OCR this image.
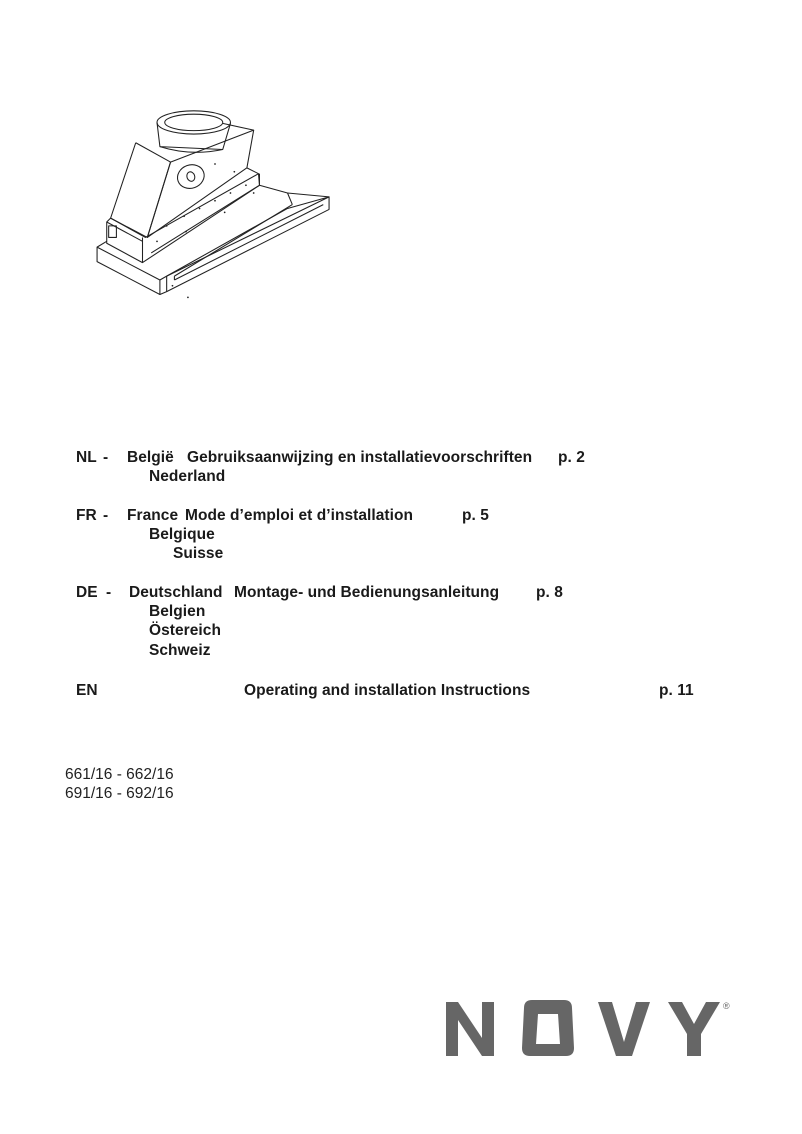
NL - België Gebruiksaanwijzing en installatievoorschriften p. 2
Nederland
FR - France Mode d’emploi et d’installation	p. 5
Belgique
Suisse
DE - Deutschland Montage- und Bedienungsanleitung p. 8
Belgien
Östereich
Schweiz
EN	Operating and installation Instructions	p. 11
661/16 - 662/16
691/16 - 692/16
®
